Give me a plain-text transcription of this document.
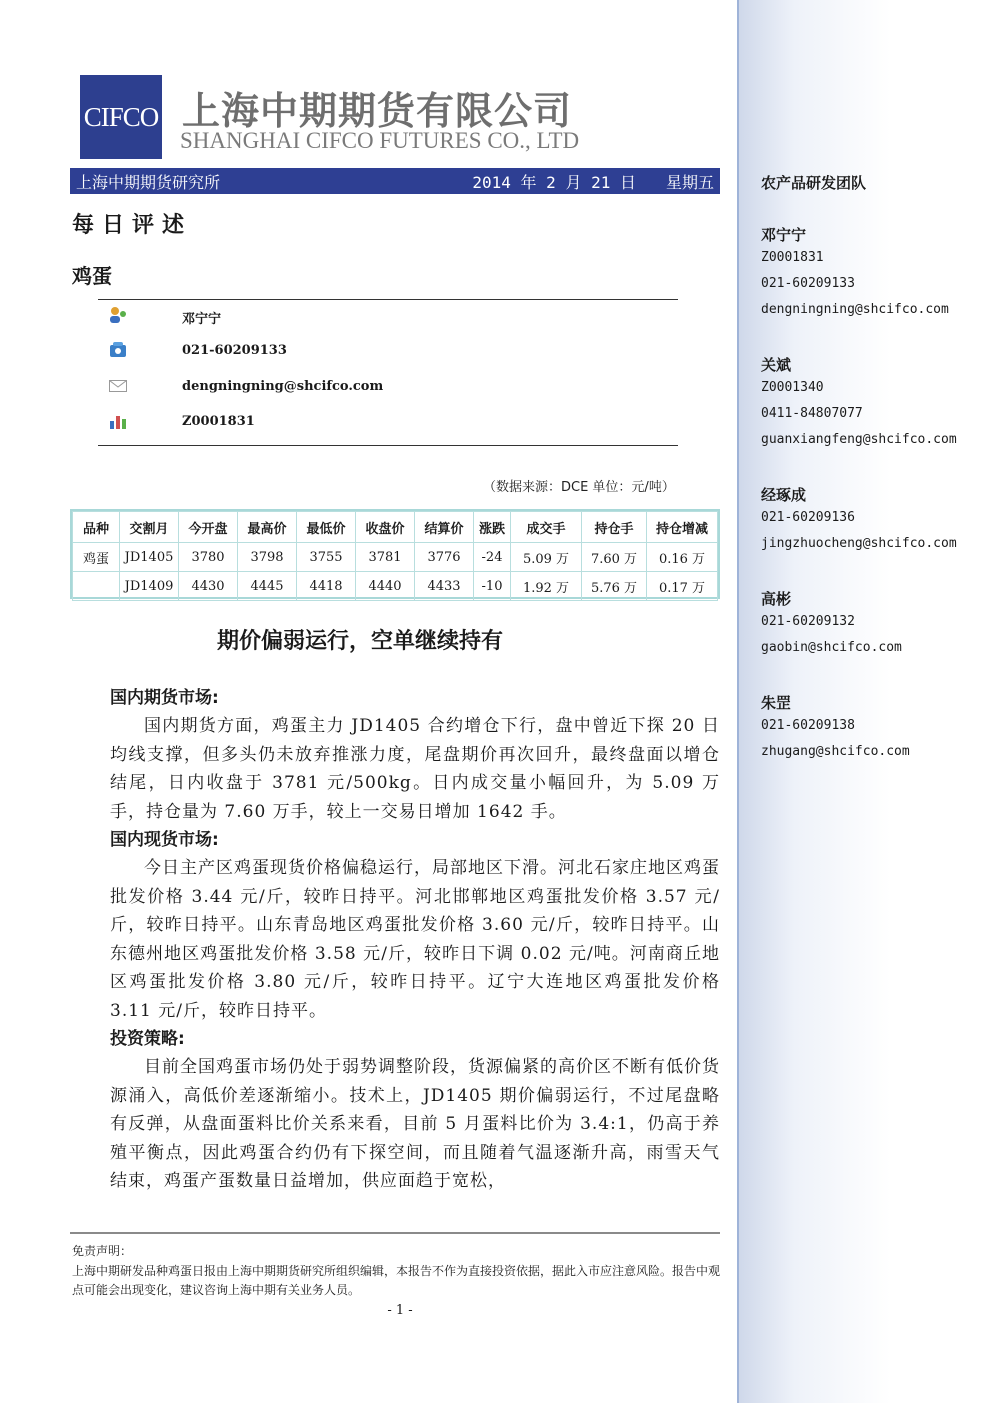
CIFCO 上海中期期货有限公司
SHANGHAI CIFCO FUTURES CO., LTD
上海中期期货研究所	2014 年 2 月 21 日 星期五
每日评述
鸡蛋
邓宁宁
021-60209133
dengningning@shcifco.com
Z0001831
（数据来源：DCE 单位：元/吨）
品种	交割月	今开盘	最高价	最低价	收盘价	结算价	涨跌	成交手	持仓手	持仓增减
鸡蛋	JD1405	3780	3798	3755	3781	3776	-24	5.09 万	7.60 万	0.16 万
	JD1409	4430	4445	4418	4440	4433	-10	1.92 万	5.76 万	0.17 万
期价偏弱运行，空单继续持有
国内期货市场:

国内期货方面，鸡蛋主力 JD1405 合约增仓下行，盘中曾近下探 20 日均线支撑，但多头仍未放弃推涨力度，尾盘期价再次回升，最终盘面以增仓结尾，日内收盘于 3781 元/500kg。日内成交量小幅回升，为 5.09 万手，持仓量为 7.60 万手，较上一交易日增加 1642 手。

国内现货市场:

今日主产区鸡蛋现货价格偏稳运行，局部地区下滑。河北石家庄地区鸡蛋批发价格 3.44 元/斤，较昨日持平。河北邯郸地区鸡蛋批发价格 3.57 元/斤，较昨日持平。山东青岛地区鸡蛋批发价格 3.60 元/斤，较昨日持平。山东德州地区鸡蛋批发价格 3.58 元/斤，较昨日下调 0.02 元/吨。河南商丘地区鸡蛋批发价格 3.80 元/斤，较昨日持平。辽宁大连地区鸡蛋批发价格 3.11 元/斤，较昨日持平。

投资策略:

目前全国鸡蛋市场仍处于弱势调整阶段，货源偏紧的高价区不断有低价货源涌入，高低价差逐渐缩小。技术上，JD1405 期价偏弱运行，不过尾盘略有反弹，从盘面蛋料比价关系来看，目前 5 月蛋料比价为 3.4:1，仍高于养殖平衡点，因此鸡蛋合约仍有下探空间，而且随着气温逐渐升高，雨雪天气结束，鸡蛋产蛋数量日益增加，供应面趋于宽松，

免责声明：
上海中期研发品种鸡蛋日报由上海中期期货研究所组织编辑，本报告不作为直接投资依据，据此入市应注意风险。报告中观点可能会出现变化，建议咨询上海中期有关业务人员。
- 1 -
农产品研发团队
邓宁宁
Z0001831
021-60209133
dengningning@shcifco.com
关斌
Z0001340
0411-84807077
guanxiangfeng@shcifco.com
经琢成
021-60209136
jingzhuocheng@shcifco.com
高彬
021-60209132
gaobin@shcifco.com
朱罡
021-60209138
zhugang@shcifco.com
